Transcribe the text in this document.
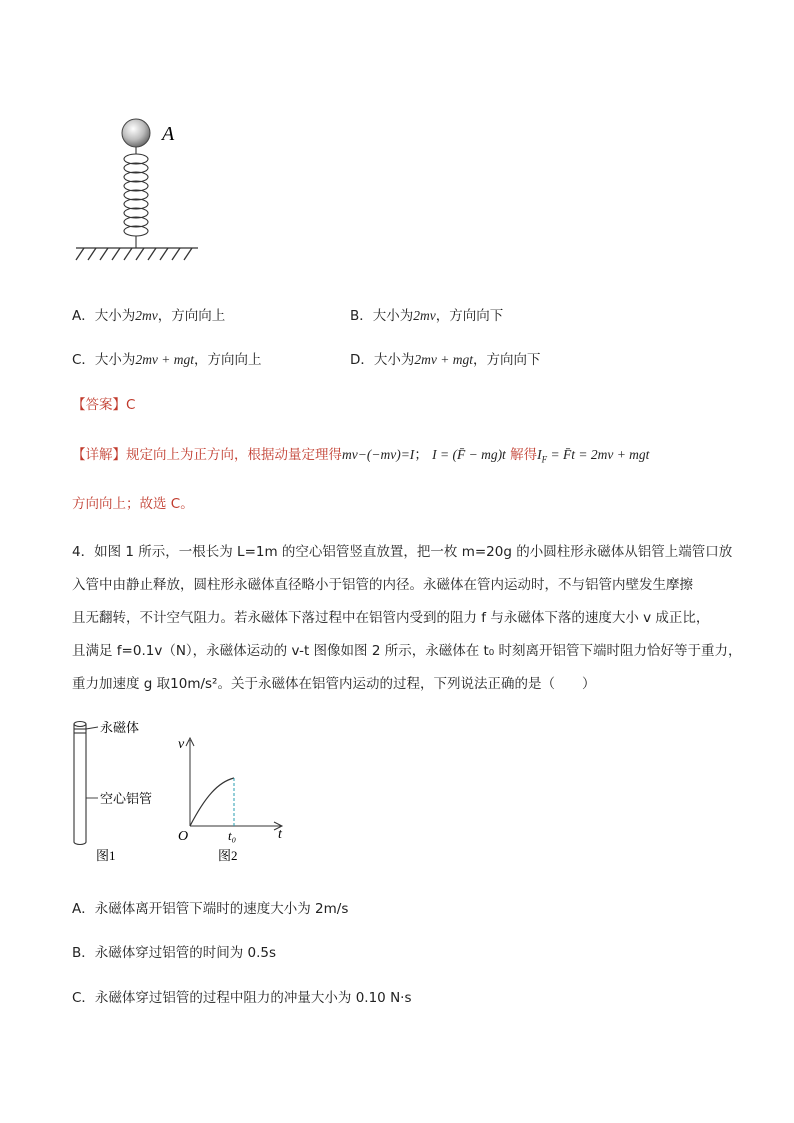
A
A．大小为2mv，方向向上	B．大小为2mv，方向向下
C．大小为2mv + mgt，方向向上	D．大小为2mv + mgt，方向向下
【答案】C
【详解】规定向上为正方向，根据动量定理得mv−(−mv)=I； I = (F̄ − mg)t 解得$I_F$ = F̄t = 2mv + mgt
方向向上；故选 C。
4．如图 1 所示，一根长为 L=1m 的空心铝管竖直放置，把一枚 m=20g 的小圆柱形永磁体从铝管上端管口放
入管中由静止释放，圆柱形永磁体直径略小于铝管的内径。永磁体在管内运动时，不与铝管内壁发生摩擦
且无翻转，不计空气阻力。若永磁体下落过程中在铝管内受到的阻力 f 与永磁体下落的速度大小 v 成正比，
且满足 f=0.1v（N），永磁体运动的 v-t 图像如图 2 所示，永磁体在 t₀ 时刻离开铝管下端时阻力恰好等于重力，
重力加速度 g 取10m/s²。关于永磁体在铝管内运动的过程，下列说法正确的是（　　）
永磁体
空心铝管
图1
v
t
O	t₀
图2
A．永磁体离开铝管下端时的速度大小为 2m/s
B．永磁体穿过铝管的时间为 0.5s
C．永磁体穿过铝管的过程中阻力的冲量大小为 0.10 N·s
